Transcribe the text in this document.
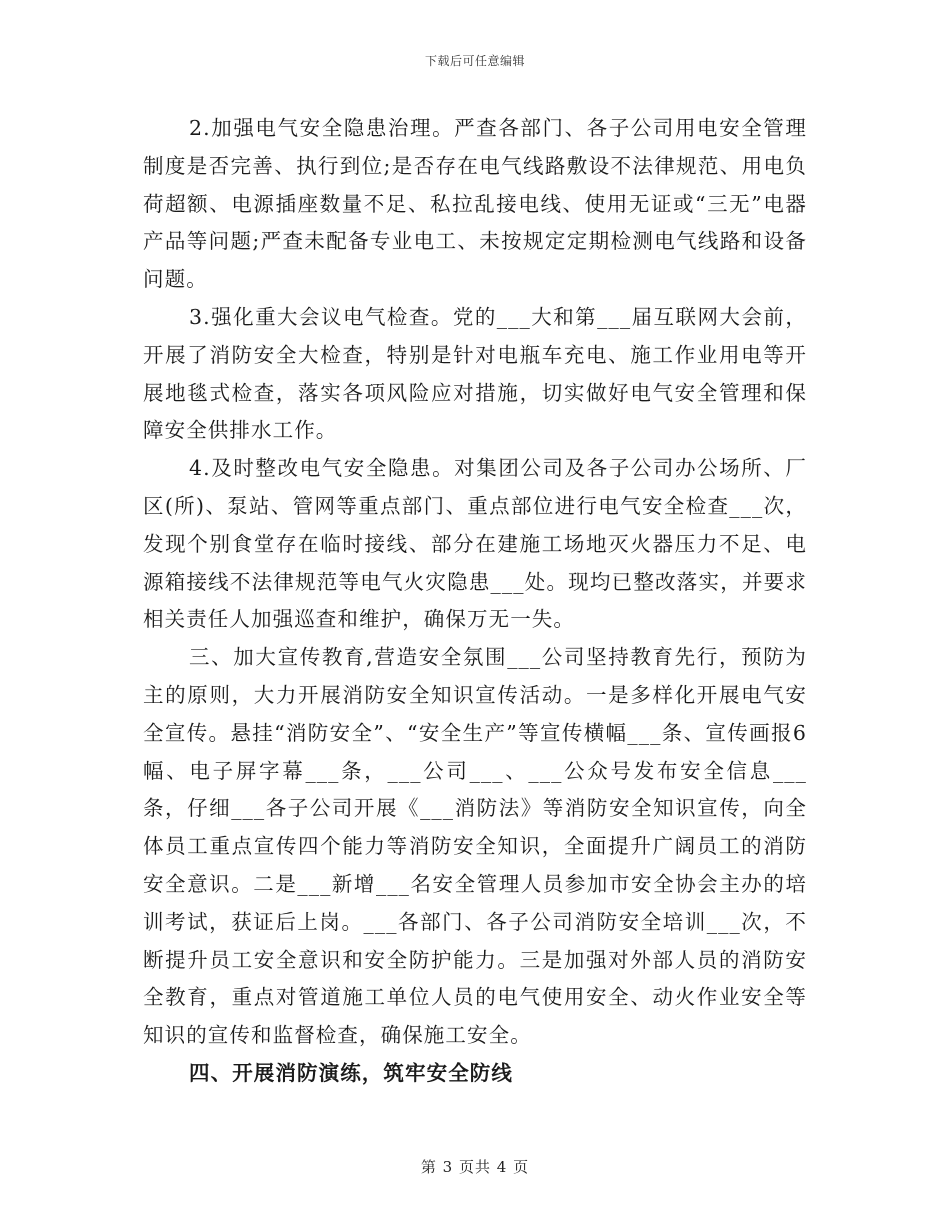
下载后可任意编辑

2.加强电气安全隐患治理。严查各部门、各子公司用电安全管理制度是否完善、执行到位;是否存在电气线路敷设不法律规范、用电负荷超额、电源插座数量不足、私拉乱接电线、使用无证或“三无”电器产品等问题;严查未配备专业电工、未按规定定期检测电气线路和设备问题。

3.强化重大会议电气检查。党的___大和第___届互联网大会前，开展了消防安全大检查，特别是针对电瓶车充电、施工作业用电等开展地毯式检查，落实各项风险应对措施，切实做好电气安全管理和保障安全供排水工作。

4.及时整改电气安全隐患。对集团公司及各子公司办公场所、厂区(所)、泵站、管网等重点部门、重点部位进行电气安全检查___次，发现个别食堂存在临时接线、部分在建施工场地灭火器压力不足、电源箱接线不法律规范等电气火灾隐患___处。现均已整改落实，并要求相关责任人加强巡查和维护，确保万无一失。

三、加大宣传教育,营造安全氛围___公司坚持教育先行，预防为主的原则，大力开展消防安全知识宣传活动。一是多样化开展电气安全宣传。悬挂“消防安全”、“安全生产”等宣传横幅___条、宣传画报6幅、电子屏字幕___条，___公司___、___公众号发布安全信息___条，仔细___各子公司开展《___消防法》等消防安全知识宣传，向全体员工重点宣传四个能力等消防安全知识，全面提升广阔员工的消防安全意识。二是___新增___名安全管理人员参加市安全协会主办的培训考试，获证后上岗。___各部门、各子公司消防安全培训___次，不断提升员工安全意识和安全防护能力。三是加强对外部人员的消防安全教育，重点对管道施工单位人员的电气使用安全、动火作业安全等知识的宣传和监督检查，确保施工安全。

四、开展消防演练，筑牢安全防线

第 3 页共 4 页
